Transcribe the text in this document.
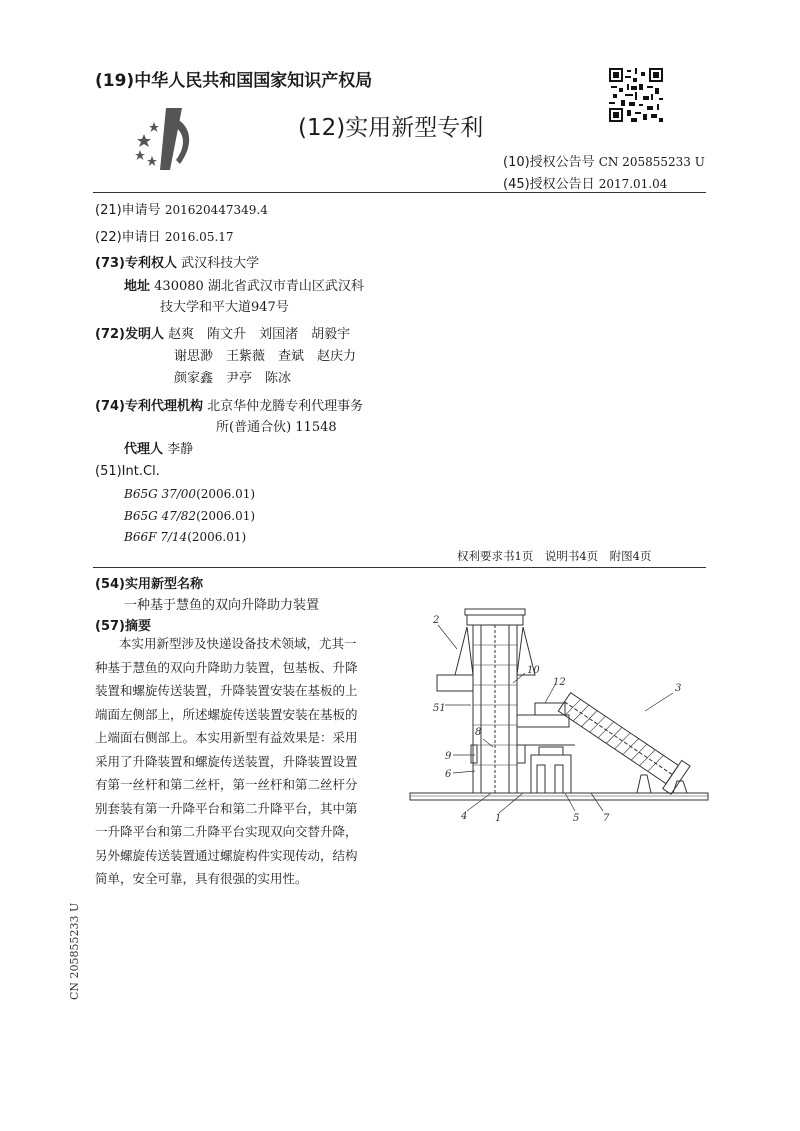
(19)中华人民共和国国家知识产权局
(12)实用新型专利
(10)授权公告号 CN 205855233 U
(45)授权公告日 2017.01.04
(21)申请号 201620447349.4
(22)申请日 2016.05.17
(73)专利权人 武汉科技大学
地址 430080 湖北省武汉市青山区武汉科
技大学和平大道947号
(72)发明人 赵爽　陏文升　刘国渚　胡毅宇
谢思渺　王紫薇　查斌　赵庆力
颜家鑫　尹亭　陈冰
(74)专利代理机构 北京华仲龙腾专利代理事务
所(普通合伙) 11548
代理人 李静
(51)Int.Cl.
B65G 37/00(2006.01)
B65G 47/82(2006.01)
B66F 7/14(2006.01)
权利要求书1页　说明书4页　附图4页
(54)实用新型名称
一种基于慧鱼的双向升降助力装置
(57)摘要
本实用新型涉及快递设备技术领域，尤其一
种基于慧鱼的双向升降助力装置，包基板、升降
装置和螺旋传送装置，升降装置安装在基板的上
端面左侧部上，所述螺旋传送装置安装在基板的
上端面右侧部上。本实用新型有益效果是：采用
采用了升降装置和螺旋传送装置，升降装置设置
有第一丝杆和第二丝杆，第一丝杆和第二丝杆分
别套装有第一升降平台和第二升降平台，其中第
一升降平台和第二升降平台实现双向交替升降，
另外螺旋传送装置通过螺旋构件实现传动，结构
简单，安全可靠，具有很强的实用性。
2
3
10
12
51
8
9
6
4	1	5 7
CN 205855233 U
